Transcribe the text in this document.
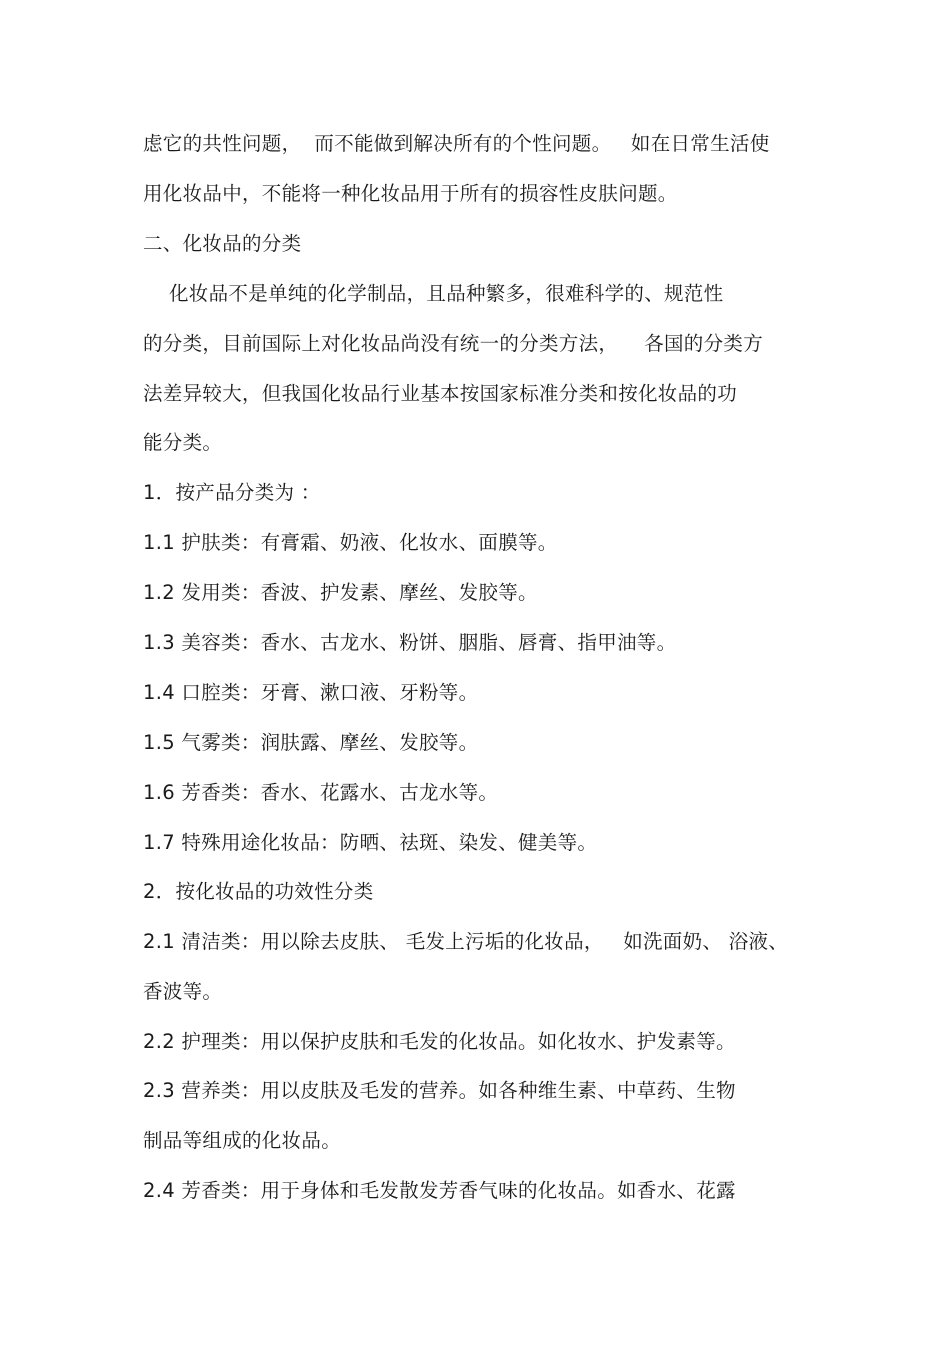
虑它的共性问题，  而不能做到解决所有的个性问题。   如在日常生活使
用化妆品中，不能将一种化妆品用于所有的损容性皮肤问题。
二、化妆品的分类
化妆品不是单纯的化学制品，且品种繁多，很难科学的、规范性
的分类，目前国际上对化妆品尚没有统一的分类方法，    各国的分类方
法差异较大，但我国化妆品行业基本按国家标准分类和按化妆品的功
能分类。
1．按产品分类为 ：
1.1 护肤类：有膏霜、奶液、化妆水、面膜等。
1.2 发用类：香波、护发素、摩丝、发胶等。
1.3 美容类：香水、古龙水、粉饼、胭脂、唇膏、指甲油等。
1.4 口腔类：牙膏、漱口液、牙粉等。
1.5 气雾类：润肤露、摩丝、发胶等。
1.6 芳香类：香水、花露水、古龙水等。
1.7 特殊用途化妆品：防晒、祛斑、染发、健美等。
2．按化妆品的功效性分类
2.1 清洁类：用以除去皮肤、 毛发上污垢的化妆品，   如洗面奶、 浴液、
香波等。
2.2 护理类：用以保护皮肤和毛发的化妆品。如化妆水、护发素等。
2.3 营养类：用以皮肤及毛发的营养。如各种维生素、中草药、生物
制品等组成的化妆品。
2.4 芳香类：用于身体和毛发散发芳香气味的化妆品。如香水、花露
